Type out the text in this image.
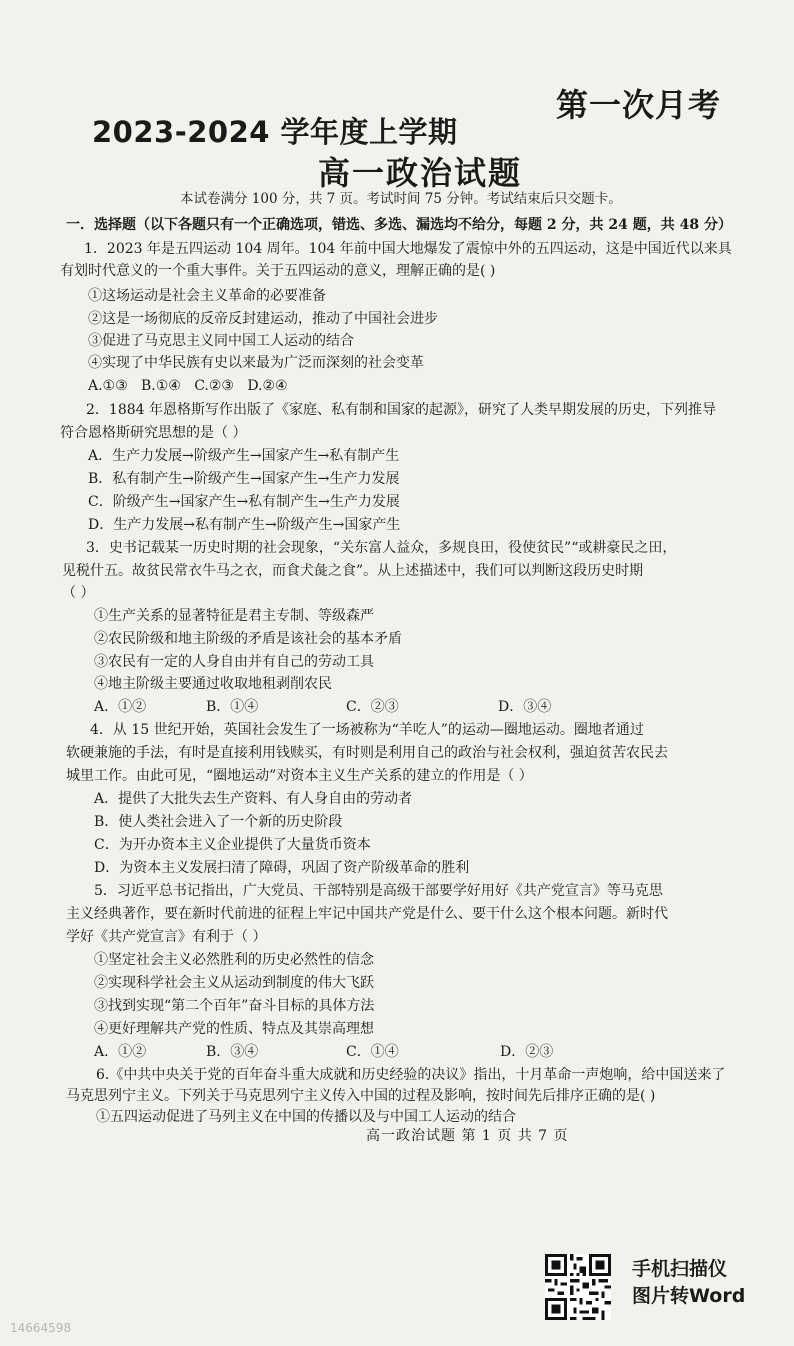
2023-2024 学年度上学期
第一次月考
高一政治试题
本试卷满分 100 分，共 7 页。考试时间 75 分钟。考试结束后只交题卡。
一．选择题（以下各题只有一个正确选项，错选、多选、漏选均不给分，每题 2 分，共 24 题，共 48 分）
1．2023 年是五四运动 104 周年。104 年前中国大地爆发了震惊中外的五四运动，这是中国近代以来具
有划时代意义的一个重大事件。关于五四运动的意义，理解正确的是( )
①这场运动是社会主义革命的必要准备
②这是一场彻底的反帝反封建运动，推动了中国社会进步
③促进了马克思主义同中国工人运动的结合
④实现了中华民族有史以来最为广泛而深刻的社会变革
A.①③   B.①④   C.②③   D.②④
2．1884 年恩格斯写作出版了《家庭、私有制和国家的起源》，研究了人类早期发展的历史，下列推导
符合恩格斯研究思想的是（ ）
A．生产力发展→阶级产生→国家产生→私有制产生
B．私有制产生→阶级产生→国家产生→生产力发展
C．阶级产生→国家产生→私有制产生→生产力发展
D．生产力发展→私有制产生→阶级产生→国家产生
3．史书记载某一历史时期的社会现象，“关东富人益众，多规良田，役使贫民”“或耕豪民之田，
见税什五。故贫民常衣牛马之衣，而食犬彘之食”。从上述描述中，我们可以判断这段历史时期
（ ）
①生产关系的显著特征是君主专制、等级森严
②农民阶级和地主阶级的矛盾是该社会的基本矛盾
③农民有一定的人身自由并有自己的劳动工具
④地主阶级主要通过收取地租剥削农民
A．①②	B．①④	C．②③	D．③④
4．从 15 世纪开始，英国社会发生了一场被称为“羊吃人”的运动—圈地运动。圈地者通过
软硬兼施的手法，有时是直接利用钱赎买，有时则是利用自己的政治与社会权利，强迫贫苦农民去
城里工作。由此可见，“圈地运动”对资本主义生产关系的建立的作用是（ ）
A．提供了大批失去生产资料、有人身自由的劳动者
B．使人类社会进入了一个新的历史阶段
C．为开办资本主义企业提供了大量货币资本
D．为资本主义发展扫清了障碍，巩固了资产阶级革命的胜利
5．习近平总书记指出，广大党员、干部特别是高级干部要学好用好《共产党宣言》等马克思
主义经典著作，要在新时代前进的征程上牢记中国共产党是什么、要干什么这个根本问题。新时代
学好《共产党宣言》有利于（ ）
①坚定社会主义必然胜利的历史必然性的信念
②实现科学社会主义从运动到制度的伟大飞跃
③找到实现“第二个百年”奋斗目标的具体方法
④更好理解共产党的性质、特点及其崇高理想
A．①②	B．③④	C．①④	D．②③
6.《中共中央关于党的百年奋斗重大成就和历史经验的决议》指出，十月革命一声炮响，给中国送来了
马克思列宁主义。下列关于马克思列宁主义传入中国的过程及影响，按时间先后排序正确的是( )
①五四运动促进了马列主义在中国的传播以及与中国工人运动的结合
高一政治试题 第 1 页 共 7 页
手机扫描仪
图片转Word
14664598
